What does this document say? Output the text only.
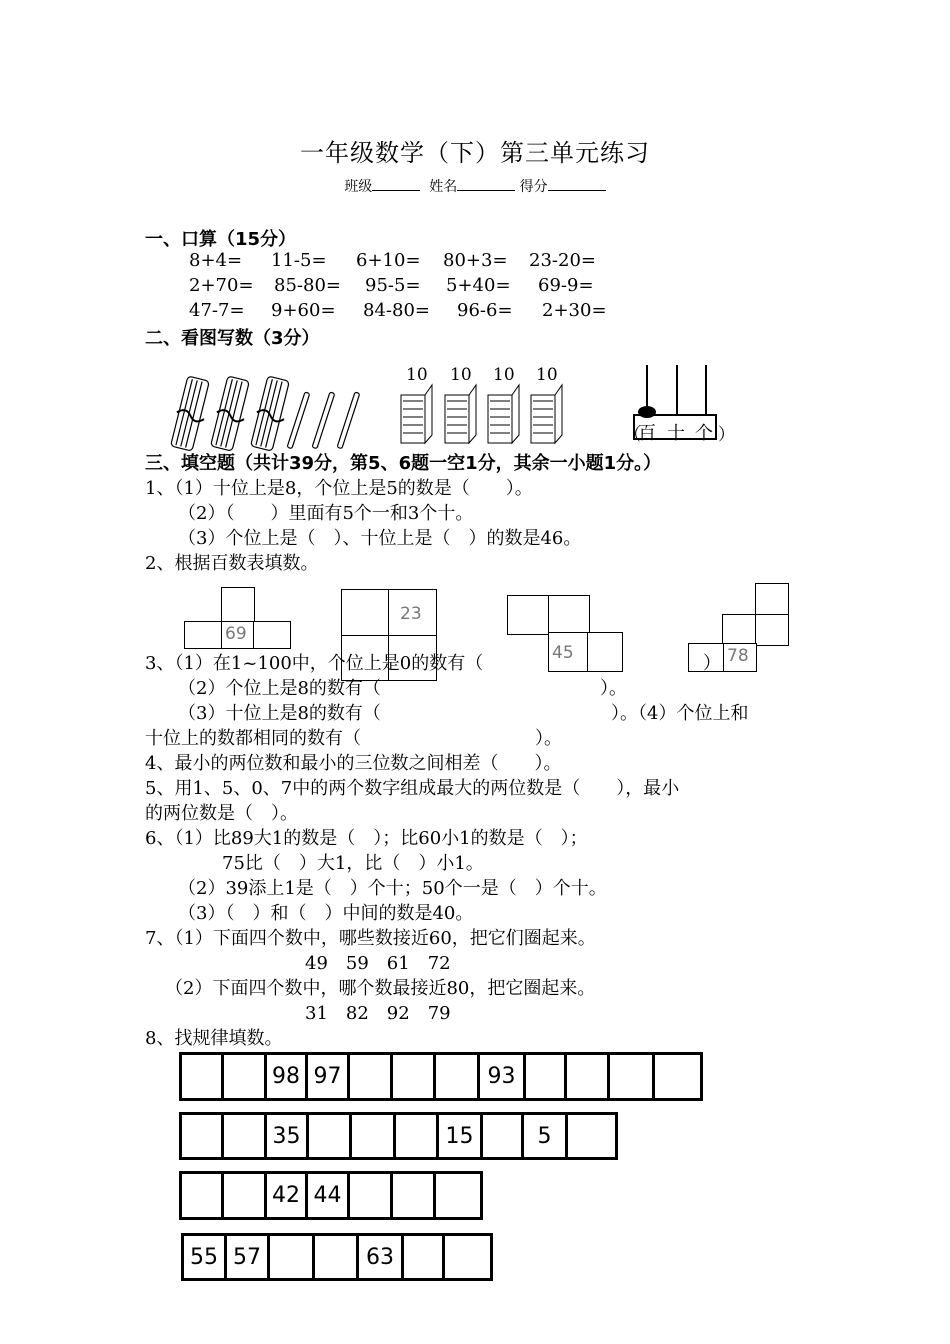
一年级数学（下）第三单元练习
班级	姓名	得分
一、口算（15分）
8+4= 11-5= 6+10= 80+3= 23-20=
2+70= 85-80= 95-5= 5+40= 69-9=
47-7= 9+60= 84-80= 96-6= 2+30=
二、看图写数（3分）
10 10 10 10
（
百 十 个 ）
三、填空题（共计39分，第5、6题一空1分，其余一小题1分。）
1、（1）十位上是8，个位上是5的数是（　　）。
（2）（　　）里面有5个一和3个十。
（3）个位上是（　）、十位上是（　）的数是46。
2、根据百数表填数。
69
23
45	78
3、（1）在1~100中，个位上是0的数有（	）
（2）个位上是8的数有（	）。
（3）十位上是8的数有（	）。（4）个位上和
十位上的数都相同的数有（	）。
4、最小的两位数和最小的三位数之间相差（　　）。
5、用1、5、0、7中的两个数字组成最大的两位数是（　　），最小
的两位数是（　）。
6、（1）比89大1的数是（　）；比60小1的数是（　）；
75比（　）大1，比（　）小1。
（2）39添上1是（　）个十；50个一是（　）个十。
（3）（　）和（　）中间的数是40。
7、（1）下面四个数中，哪些数接近60，把它们圈起来。
49　59　61　72
（2）下面四个数中，哪个数最接近80，把它圈起来。
31　82　92　79
8、找规律填数。
98 97	93
35	15	5
42 44
55 57	63
